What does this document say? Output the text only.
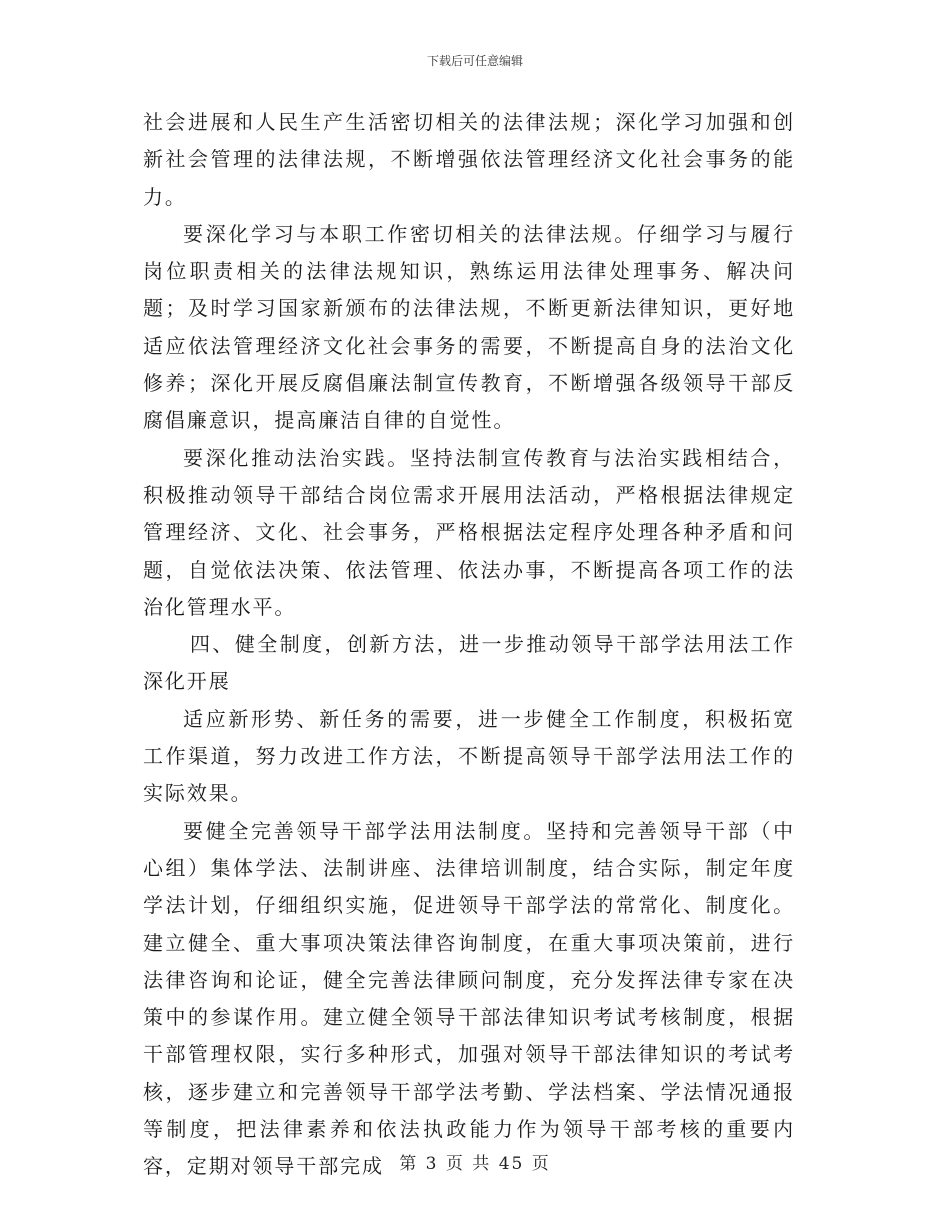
下载后可任意编辑

社会进展和人民生产生活密切相关的法律法规；深化学习加强和创新社会管理的法律法规，不断增强依法管理经济文化社会事务的能力。

要深化学习与本职工作密切相关的法律法规。仔细学习与履行岗位职责相关的法律法规知识，熟练运用法律处理事务、解决问题；及时学习国家新颁布的法律法规，不断更新法律知识，更好地适应依法管理经济文化社会事务的需要，不断提高自身的法治文化修养；深化开展反腐倡廉法制宣传教育，不断增强各级领导干部反腐倡廉意识，提高廉洁自律的自觉性。

要深化推动法治实践。坚持法制宣传教育与法治实践相结合，积极推动领导干部结合岗位需求开展用法活动，严格根据法律规定管理经济、文化、社会事务，严格根据法定程序处理各种矛盾和问题，自觉依法决策、依法管理、依法办事，不断提高各项工作的法治化管理水平。

四、健全制度，创新方法，进一步推动领导干部学法用法工作深化开展

适应新形势、新任务的需要，进一步健全工作制度，积极拓宽工作渠道，努力改进工作方法，不断提高领导干部学法用法工作的实际效果。

要健全完善领导干部学法用法制度。坚持和完善领导干部（中心组）集体学法、法制讲座、法律培训制度，结合实际，制定年度学法计划，仔细组织实施，促进领导干部学法的常常化、制度化。建立健全、重大事项决策法律咨询制度，在重大事项决策前，进行法律咨询和论证，健全完善法律顾问制度，充分发挥法律专家在决策中的参谋作用。建立健全领导干部法律知识考试考核制度，根据干部管理权限，实行多种形式，加强对领导干部法律知识的考试考核，逐步建立和完善领导干部学法考勤、学法档案、学法情况通报等制度，把法律素养和依法执政能力作为领导干部考核的重要内容，定期对领导干部完成 第 3 页 共 45 页
